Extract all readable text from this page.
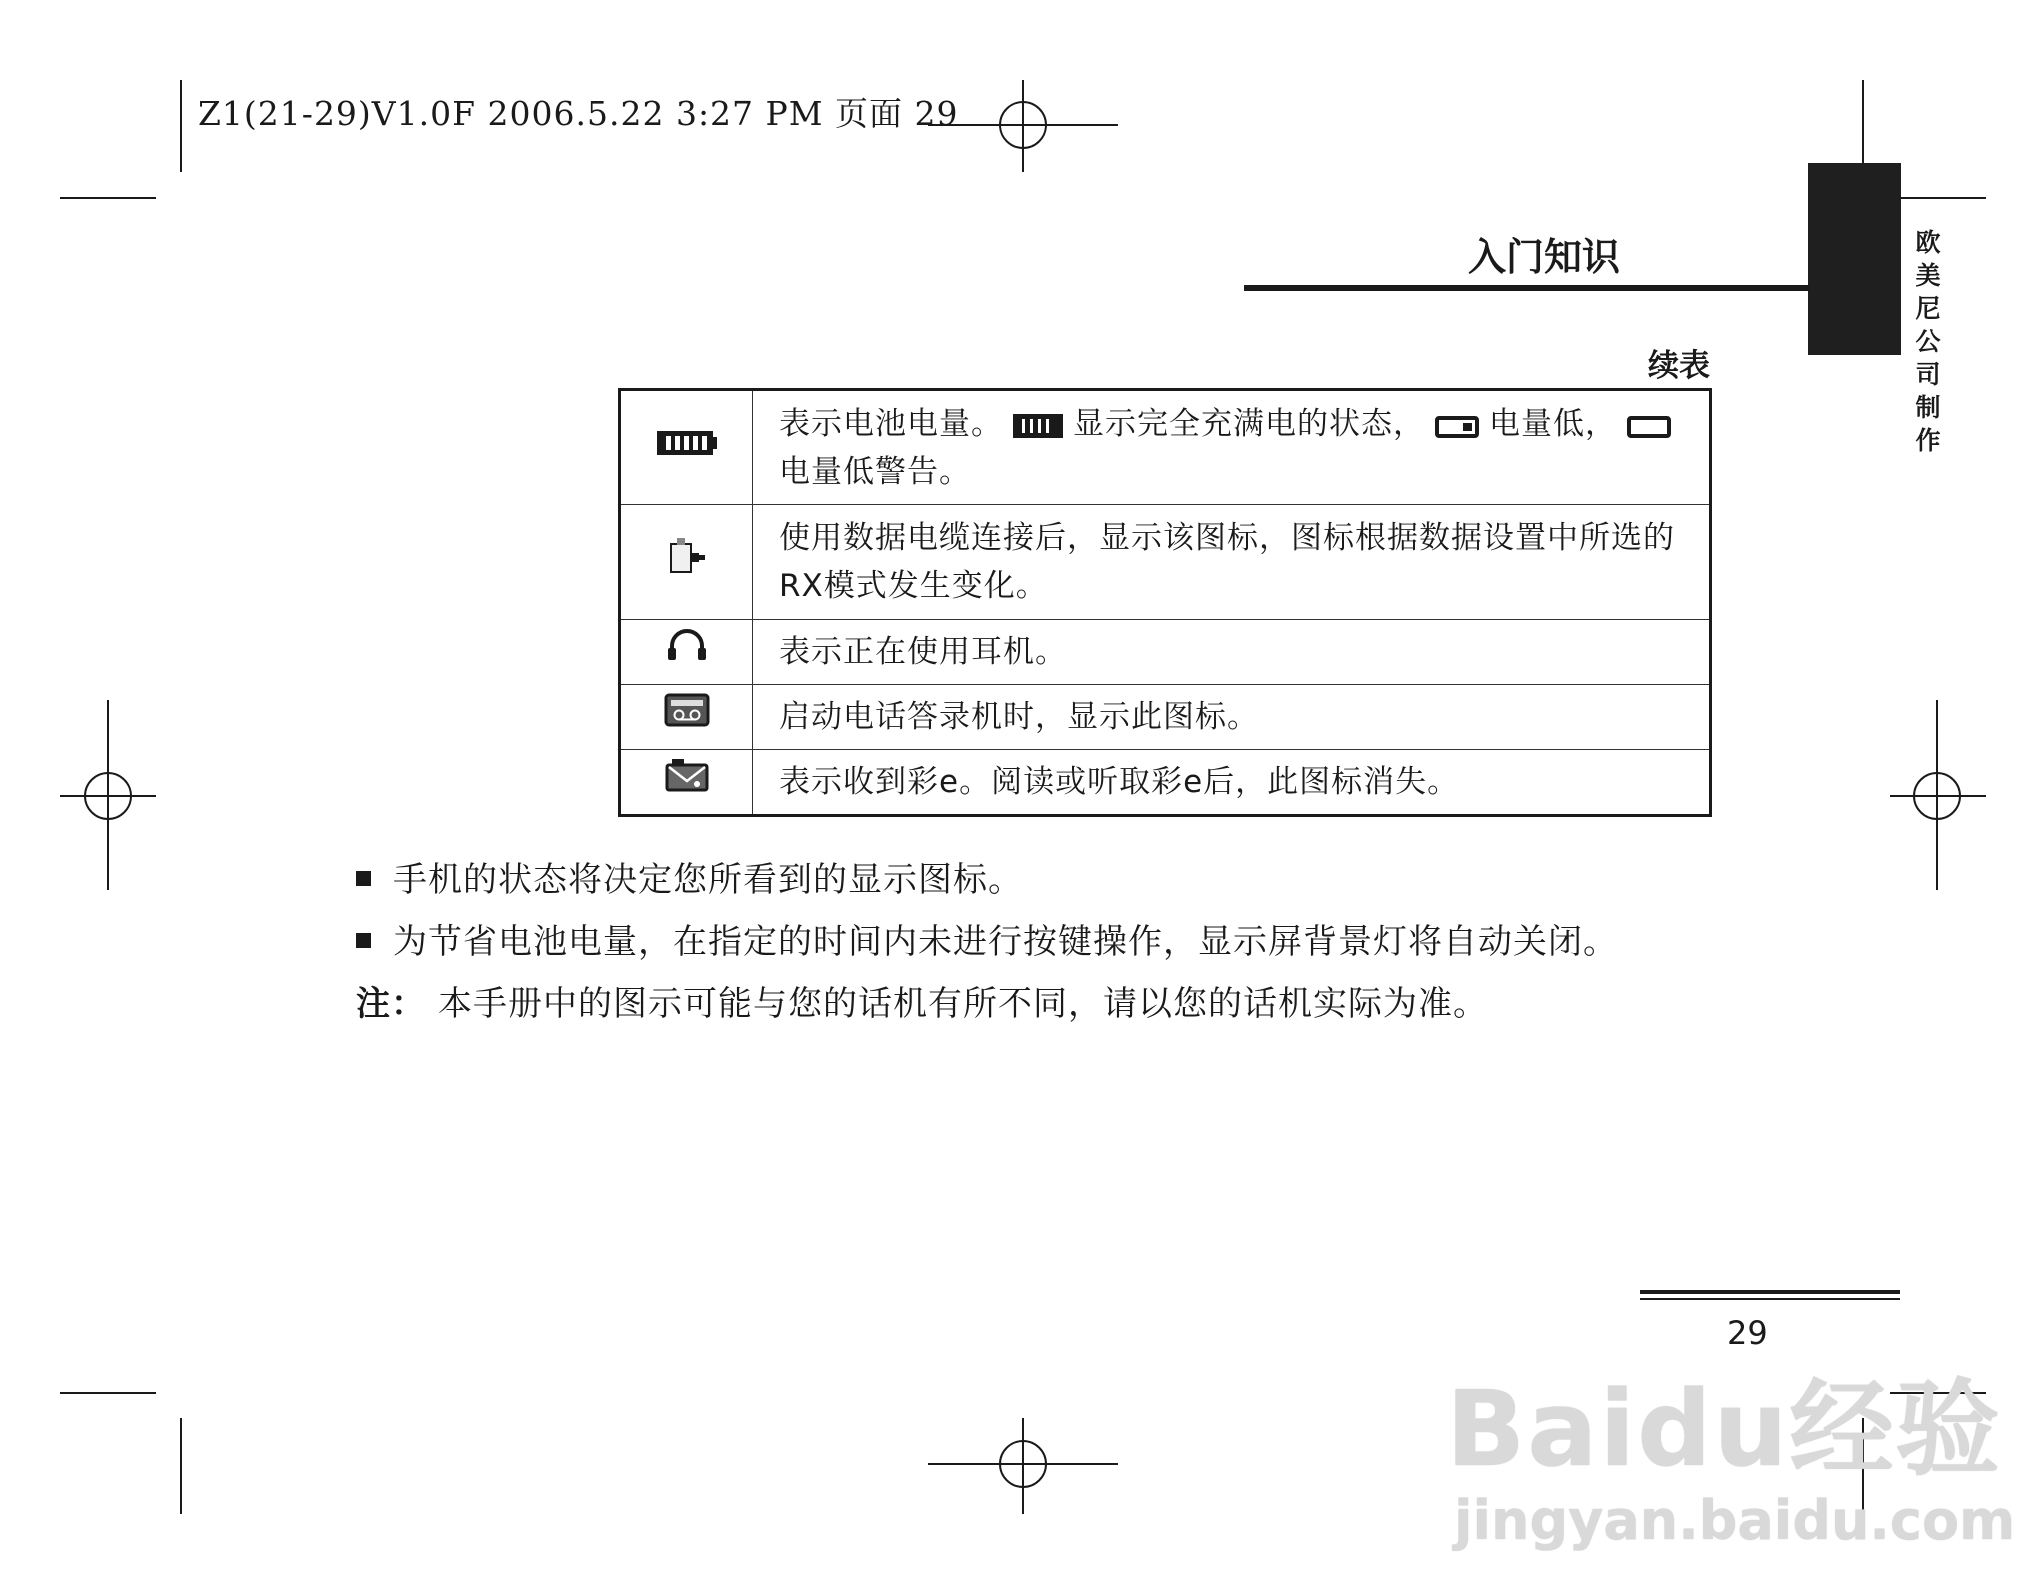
Z1(21-29)V1.0F 2006.5.22 3:27 PM 页面 29
欧
美
尼
公
司
制
作
入门知识
续表
	表示电池电量。 显示完全充满电的状态， 电量低，电量低警告。
	使用数据电缆连接后，显示该图标，图标根据数据设置中所选的RX模式发生变化。
	表示正在使用耳机。
	启动电话答录机时，显示此图标。
	表示收到彩e。阅读或听取彩e后，此图标消失。
手机的状态将决定您所看到的显示图标。
为节省电池电量，在指定的时间内未进行按键操作，显示屏背景灯将自动关闭。
注： 本手册中的图示可能与您的话机有所不同，请以您的话机实际为准。
29
Baidu经验
jingyan.baidu.com
